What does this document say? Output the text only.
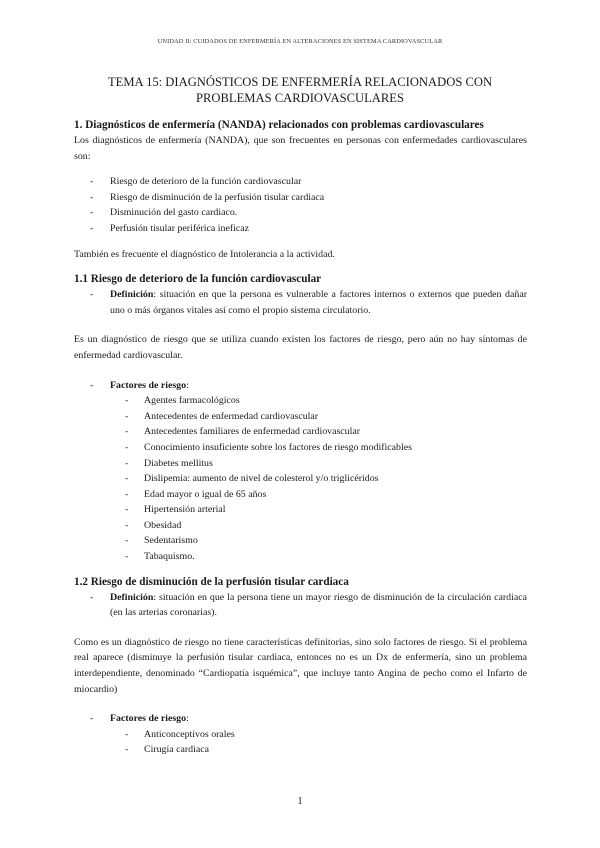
UNIDAD II: CUIDADOS DE ENFERMERÍA EN ALTERACIONES EN SISTEMA CARDIOVASCULAR
TEMA 15: DIAGNÓSTICOS DE ENFERMERÍA RELACIONADOS CON PROBLEMAS CARDIOVASCULARES
1. Diagnósticos de enfermería (NANDA) relacionados con problemas cardiovasculares

Los diagnósticos de enfermería (NANDA), que son frecuentes en personas con enfermedades cardiovasculares son:

- Riesgo de deterioro de la función cardiovascular
- Riesgo de disminución de la perfusión tisular cardiaca
- Disminución del gasto cardiaco.
- Perfusión tisular periférica ineficaz

También es frecuente el diagnóstico de Intolerancia a la actividad.

1.1 Riesgo de deterioro de la función cardiovascular
- Definición: situación en que la persona es vulnerable a factores internos o externos que pueden dañar uno o más órganos vitales así como el propio sistema circulatorio.

Es un diagnóstico de riesgo que se utiliza cuando existen los factores de riesgo, pero aún no hay síntomas de enfermedad cardiovascular.

- Factores de riesgo:
- Agentes farmacológicos
- Antecedentes de enfermedad cardiovascular
- Antecedentes familiares de enfermedad cardiovascular
- Conocimiento insuficiente sobre los factores de riesgo modificables
- Diabetes mellitus
- Dislipemia: aumento de nivel de colesterol y/o triglicéridos
- Edad mayor o igual de 65 años
- Hipertensión arterial
- Obesidad
- Sedentarismo
- Tabaquismo.
1.2 Riesgo de disminución de la perfusión tisular cardiaca
- Definición: situación en que la persona tiene un mayor riesgo de disminución de la circulación cardiaca (en las arterias coronarias).

Como es un diagnóstico de riesgo no tiene características definitorias, sino solo factores de riesgo. Si el problema real aparece (disminuye la perfusión tisular cardiaca, entonces no es un Dx de enfermería, sino un problema interdependiente, denominado “Cardiopatía isquémica”, que incluye tanto Angina de pecho como el Infarto de miocardio)

- Factores de riesgo:
- Anticonceptivos orales
- Cirugía cardiaca
1
